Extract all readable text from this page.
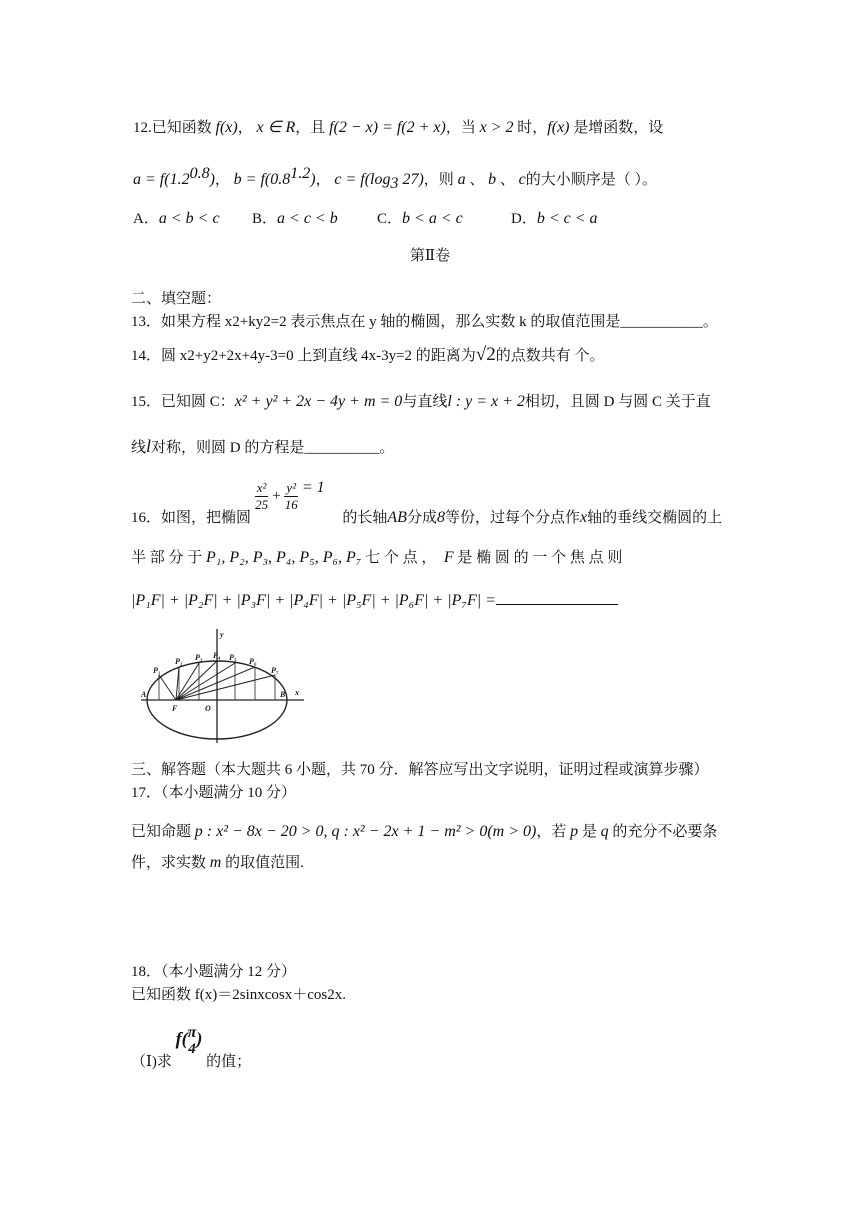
12.已知函数 f(x)， x ∈ R，且 f(2 − x) = f(2 + x)，当 x > 2 时，f(x) 是增函数，设
$a = f(1.2^{0.8})$， $b = f(0.8^{1.2})$， $c = f(\log_3$ 27)，则 a 、 b 、 c的大小顺序是（ ）。
A．a < b < c B．a < c < b	C．b < a < c	D．b < c < a
第Ⅱ卷
二、填空题：
13．如果方程 x2+ky2=2 表示焦点在 y 轴的椭圆，那么实数 k 的取值范围是___________。
14．圆 x2+y2+2x+4y-3=0 上到直线 4x-3y=2 的距离为√2的点数共有 个。
15．已知圆 C：x² + y² + 2x − 4y + m = 0与直线l : y = x + 2相切，且圆 D 与圆 C 关于直
线l对称，则圆 D 的方程是__________。
16．如图，把椭圆
$\frac{\text{x²}}{25} + \frac{\text{y²}}{16} = 1$ 的长轴AB分成8等份，过每个分点作x轴的垂线交椭圆的上
半 部 分 于 P₁, P₂, P₃, P₄, P₅, P₆, P₇ 七 个 点 ， F 是 椭 圆 的 一 个 焦 点 则
|P₁F| + |P₂F| + |P₃F| + |P₄F| + |P₅F| + |P₆F| + |P₇F| =
y
x
A	B
F	O
P₁
P₂ P₃ P₄ P₅ P₆
P₇
三、解答题（本大题共 6 小题，共 70 分．解答应写出文字说明，证明过程或演算步骤）
17．（本小题满分 10 分）
已知命题 p : x² − 8x − 20 > 0, q : x² − 2x + 1 − m² > 0(m > 0)，若 p 是 q 的充分不必要条
件，求实数 m 的取值范围.
18．（本小题满分 12 分）
已知函数 f(x)＝2sinxcosx＋cos2x.
（Ⅰ)求 f( π
4
) 的值；
